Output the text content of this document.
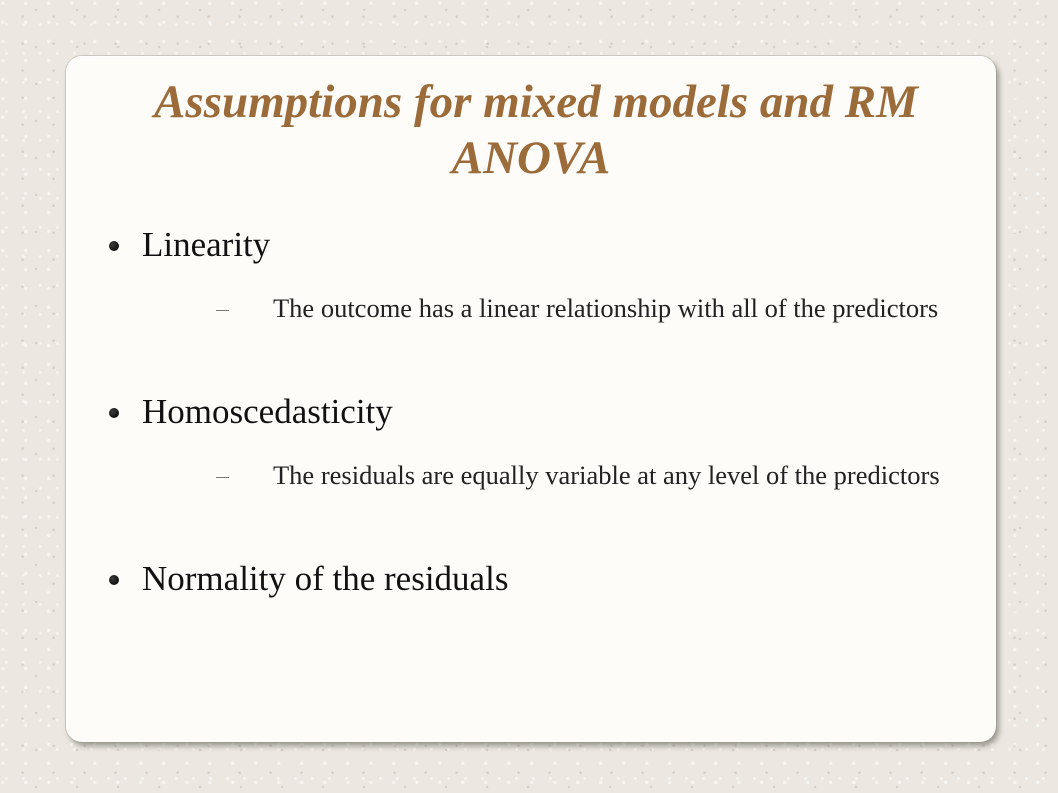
Assumptions for mixed models and RM
ANOVA
Linearity
The outcome has a linear relationship with all of the predictors
Homoscedasticity
The residuals are equally variable at any level of the predictors
Normality of the residuals
